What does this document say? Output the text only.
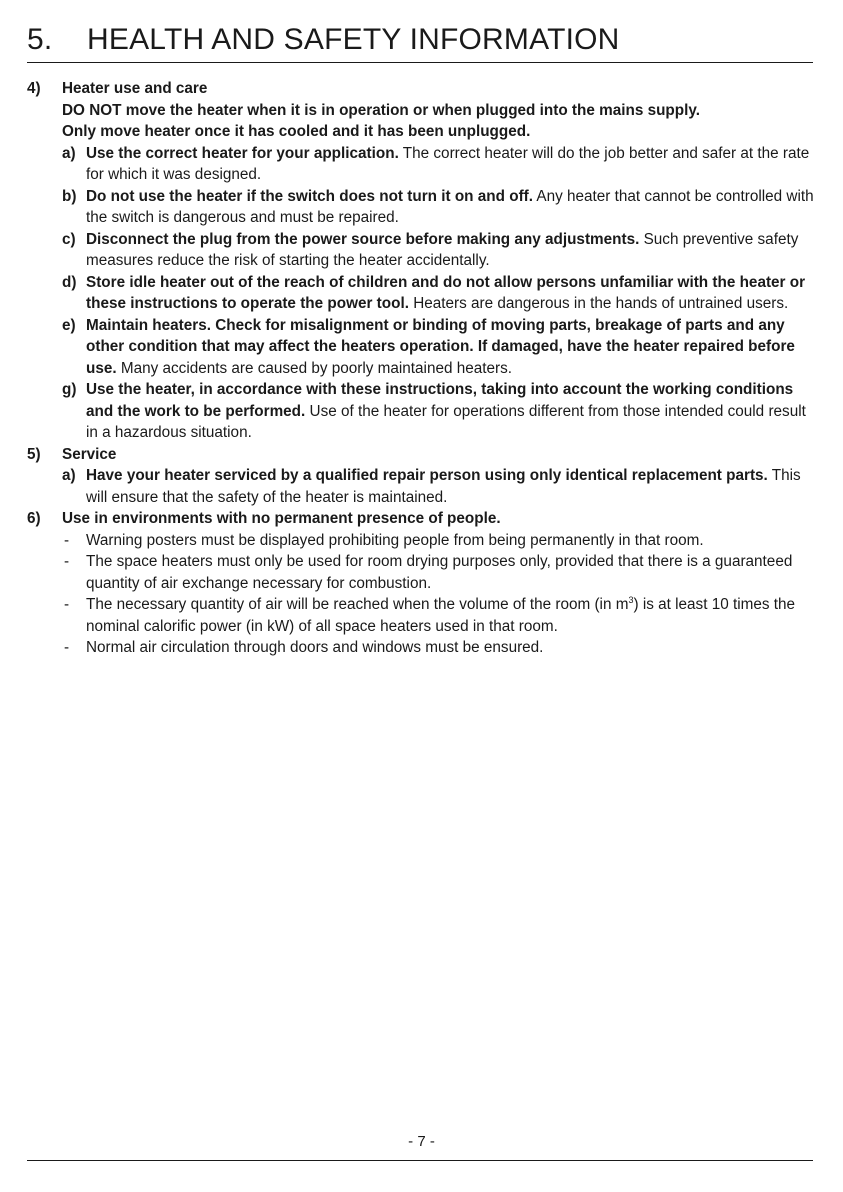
5. HEALTH AND SAFETY INFORMATION
4)	Heater use and care
DO NOT move the heater when it is in operation or when plugged into the mains supply.
Only move heater once it has cooled and it has been unplugged.
a) Use the correct heater for your application. The correct heater will do the job better and safer at the rate for which it was designed.
b) Do not use the heater if the switch does not turn it on and off. Any heater that cannot be controlled with the switch is dangerous and must be repaired.
c) Disconnect the plug from the power source before making any adjustments. Such preventive safety measures reduce the risk of starting the heater accidentally.
d) Store idle heater out of the reach of children and do not allow persons unfamiliar with the heater or these instructions to operate the power tool. Heaters are dangerous in the hands of untrained users.
e) Maintain heaters. Check for misalignment or binding of moving parts, breakage of parts and any other condition that may affect the heaters operation. If damaged, have the heater repaired before use. Many accidents are caused by poorly maintained heaters.
g) Use the heater, in accordance with these instructions, taking into account the working conditions and the work to be performed. Use of the heater for operations different from those intended could result in a hazardous situation.
5)	Service
a) Have your heater serviced by a qualified repair person using only identical replacement parts. This will ensure that the safety of the heater is maintained.
6)	Use in environments with no permanent presence of people.
-	Warning posters must be displayed prohibiting people from being permanently in that room.
-	The space heaters must only be used for room drying purposes only, provided that there is a guaranteed quantity of air exchange necessary for combustion.
-	The necessary quantity of air will be reached when the volume of the room (in $m^3$) is at least 10 times the nominal calorific power (in kW) of all space heaters used in that room.
-	Normal air circulation through doors and windows must be ensured.
- 7 -
